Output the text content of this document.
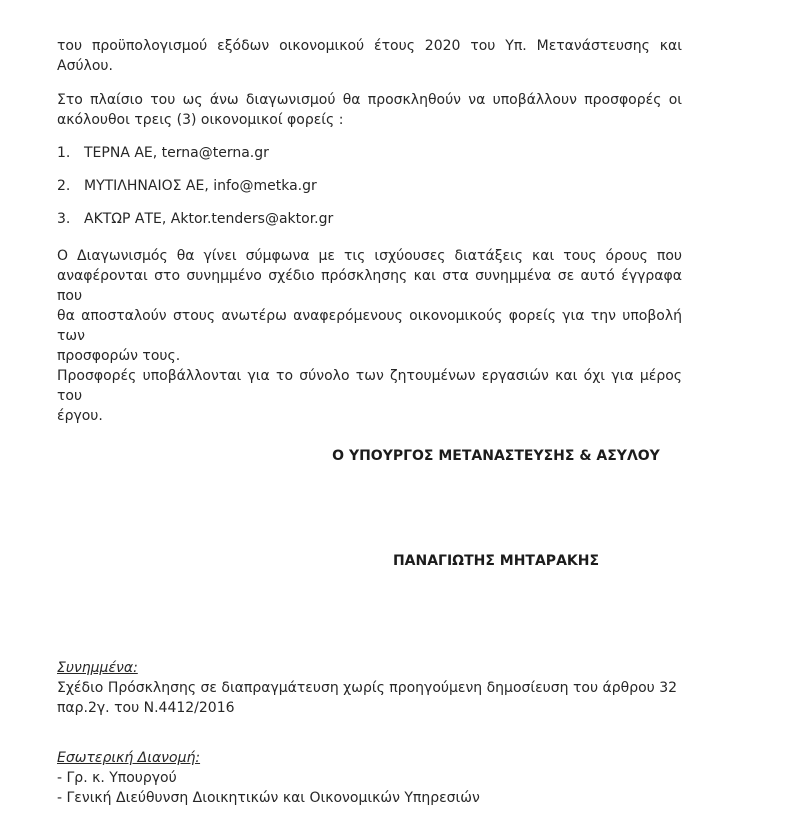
του προϋπολογισμού εξόδων οικονομικού έτους 2020 του Υπ. Μετανάστευσης και
Ασύλου.
Στο πλαίσιο του ως άνω διαγωνισμού θα προσκληθούν να υποβάλλουν προσφορές οι
ακόλουθοι τρεις (3) οικονομικοί φορείς :
1. ΤΕΡΝΑ ΑΕ, terna@terna.gr
2. ΜΥΤΙΛΗΝΑΙΟΣ ΑΕ, info@metka.gr
3. ΑΚΤΩΡ ΑΤΕ, Aktor.tenders@aktor.gr
Ο Διαγωνισμός θα γίνει σύμφωνα με τις ισχύουσες διατάξεις και τους όρους που
αναφέρονται στο συνημμένο σχέδιο πρόσκλησης και στα συνημμένα σε αυτό έγγραφα που
θα αποσταλούν στους ανωτέρω αναφερόμενους οικονομικούς φορείς για την υποβολή των
προσφορών τους.
Προσφορές υποβάλλονται για το σύνολο των ζητουμένων εργασιών και όχι για μέρος του
έργου.
Ο ΥΠΟΥΡΓΟΣ ΜΕΤΑΝΑΣΤΕΥΣΗΣ & ΑΣΥΛΟΥ
ΠΑΝΑΓΙΩΤΗΣ ΜΗΤΑΡΑΚΗΣ
Συνημμένα:
Σχέδιο Πρόσκλησης σε διαπραγμάτευση χωρίς προηγούμενη δημοσίευση του άρθρου 32
παρ.2γ. του Ν.4412/2016
Εσωτερική Διανομή:
- Γρ. κ. Υπουργού
- Γενική Διεύθυνση Διοικητικών και Οικονομικών Υπηρεσιών
